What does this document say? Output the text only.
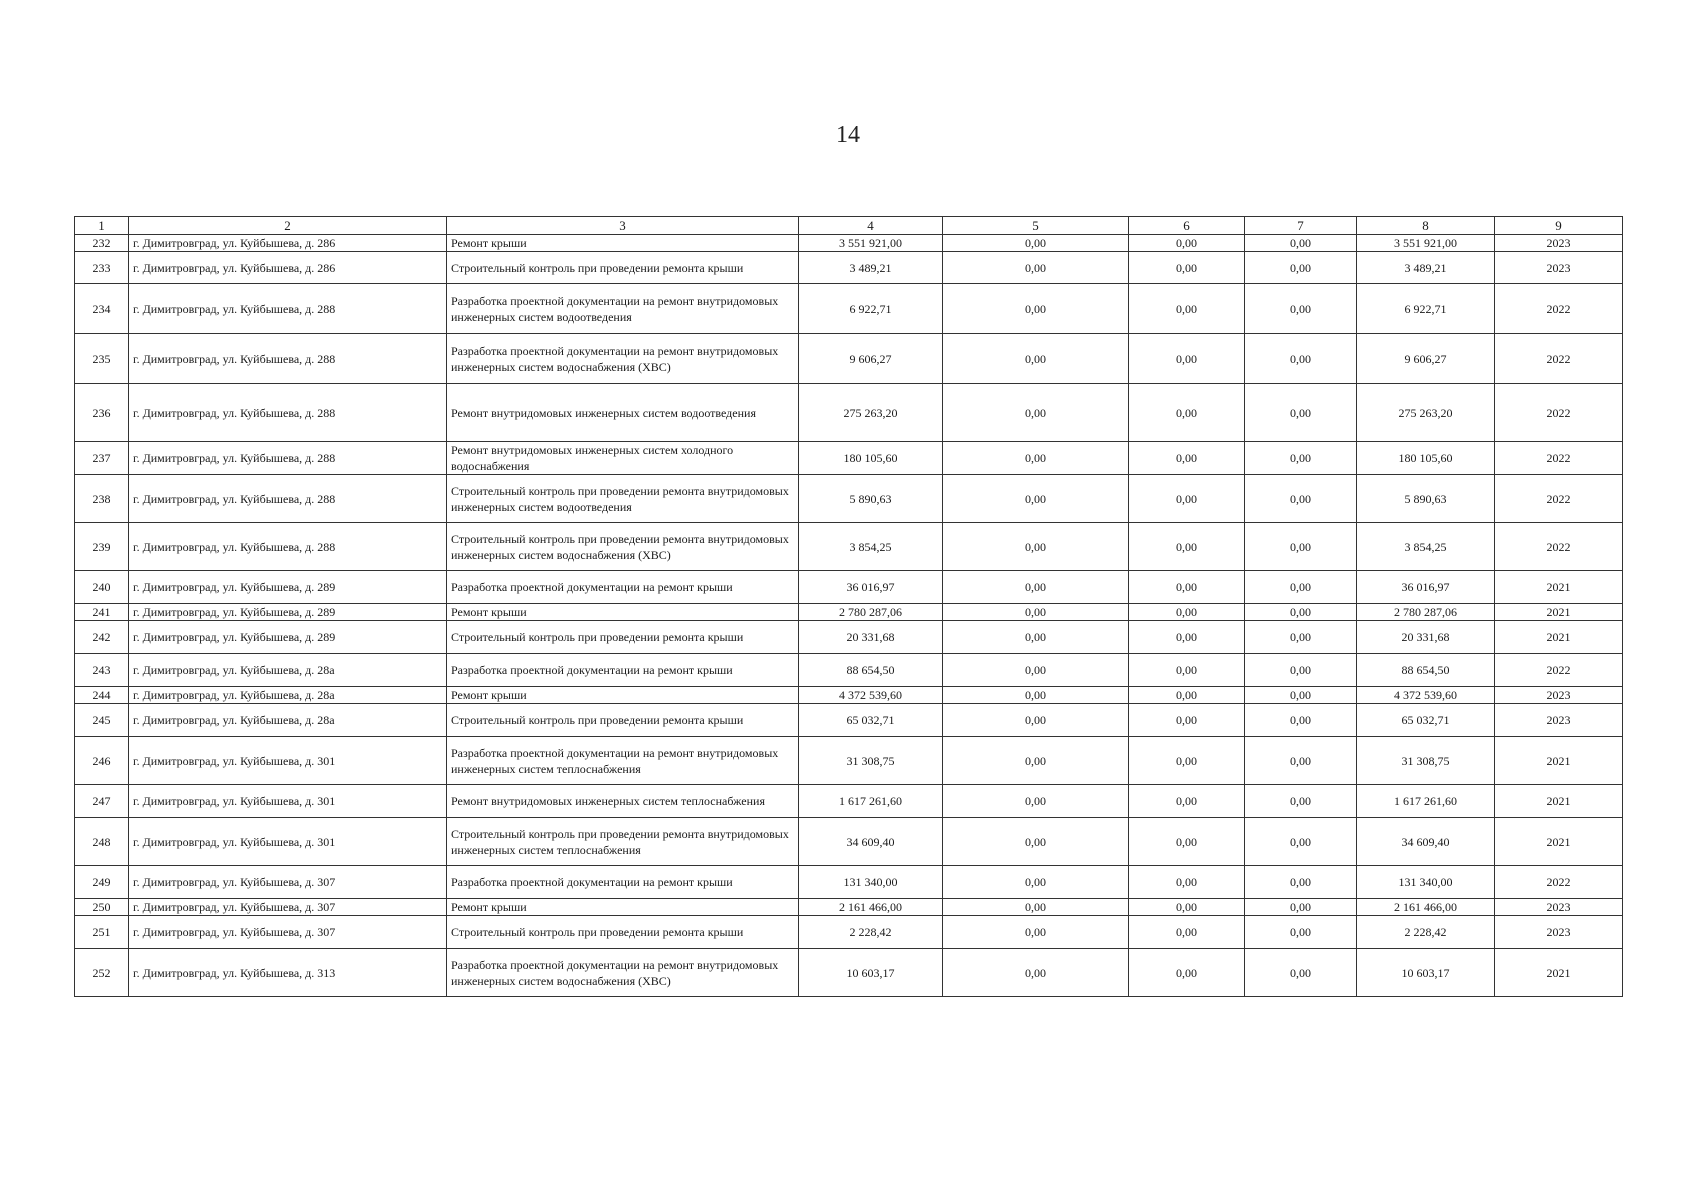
14
1	2	3	4	5	6	7	8	9
232	г. Димитровград, ул. Куйбышева, д. 286	Ремонт крыши	3 551 921,00	0,00	0,00	0,00	3 551 921,00	2023
233	г. Димитровград, ул. Куйбышева, д. 286	Строительный контроль при проведении ремонта крыши	3 489,21	0,00	0,00	0,00	3 489,21	2023
234	г. Димитровград, ул. Куйбышева, д. 288	Разработка проектной документации на ремонт внутридомовых инженерных систем водоотведения	6 922,71	0,00	0,00	0,00	6 922,71	2022
235	г. Димитровград, ул. Куйбышева, д. 288	Разработка проектной документации на ремонт внутридомовых инженерных систем водоснабжения (ХВС)	9 606,27	0,00	0,00	0,00	9 606,27	2022
236	г. Димитровград, ул. Куйбышева, д. 288	Ремонт внутридомовых инженерных систем водоотведения	275 263,20	0,00	0,00	0,00	275 263,20	2022
237	г. Димитровград, ул. Куйбышева, д. 288	Ремонт внутридомовых инженерных систем холодного водоснабжения	180 105,60	0,00	0,00	0,00	180 105,60	2022
238	г. Димитровград, ул. Куйбышева, д. 288	Строительный контроль при проведении ремонта внутридомовых инженерных систем водоотведения	5 890,63	0,00	0,00	0,00	5 890,63	2022
239	г. Димитровград, ул. Куйбышева, д. 288	Строительный контроль при проведении ремонта внутридомовых инженерных систем водоснабжения (ХВС)	3 854,25	0,00	0,00	0,00	3 854,25	2022
240	г. Димитровград, ул. Куйбышева, д. 289	Разработка проектной документации на ремонт крыши	36 016,97	0,00	0,00	0,00	36 016,97	2021
241	г. Димитровград, ул. Куйбышева, д. 289	Ремонт крыши	2 780 287,06	0,00	0,00	0,00	2 780 287,06	2021
242	г. Димитровград, ул. Куйбышева, д. 289	Строительный контроль при проведении ремонта крыши	20 331,68	0,00	0,00	0,00	20 331,68	2021
243	г. Димитровград, ул. Куйбышева, д. 28а	Разработка проектной документации на ремонт крыши	88 654,50	0,00	0,00	0,00	88 654,50	2022
244	г. Димитровград, ул. Куйбышева, д. 28а	Ремонт крыши	4 372 539,60	0,00	0,00	0,00	4 372 539,60	2023
245	г. Димитровград, ул. Куйбышева, д. 28а	Строительный контроль при проведении ремонта крыши	65 032,71	0,00	0,00	0,00	65 032,71	2023
246	г. Димитровград, ул. Куйбышева, д. 301	Разработка проектной документации на ремонт внутридомовых инженерных систем теплоснабжения	31 308,75	0,00	0,00	0,00	31 308,75	2021
247	г. Димитровград, ул. Куйбышева, д. 301	Ремонт внутридомовых инженерных систем теплоснабжения	1 617 261,60	0,00	0,00	0,00	1 617 261,60	2021
248	г. Димитровград, ул. Куйбышева, д. 301	Строительный контроль при проведении ремонта внутридомовых инженерных систем теплоснабжения	34 609,40	0,00	0,00	0,00	34 609,40	2021
249	г. Димитровград, ул. Куйбышева, д. 307	Разработка проектной документации на ремонт крыши	131 340,00	0,00	0,00	0,00	131 340,00	2022
250	г. Димитровград, ул. Куйбышева, д. 307	Ремонт крыши	2 161 466,00	0,00	0,00	0,00	2 161 466,00	2023
251	г. Димитровград, ул. Куйбышева, д. 307	Строительный контроль при проведении ремонта крыши	2 228,42	0,00	0,00	0,00	2 228,42	2023
252	г. Димитровград, ул. Куйбышева, д. 313	Разработка проектной документации на ремонт внутридомовых инженерных систем водоснабжения (ХВС)	10 603,17	0,00	0,00	0,00	10 603,17	2021
